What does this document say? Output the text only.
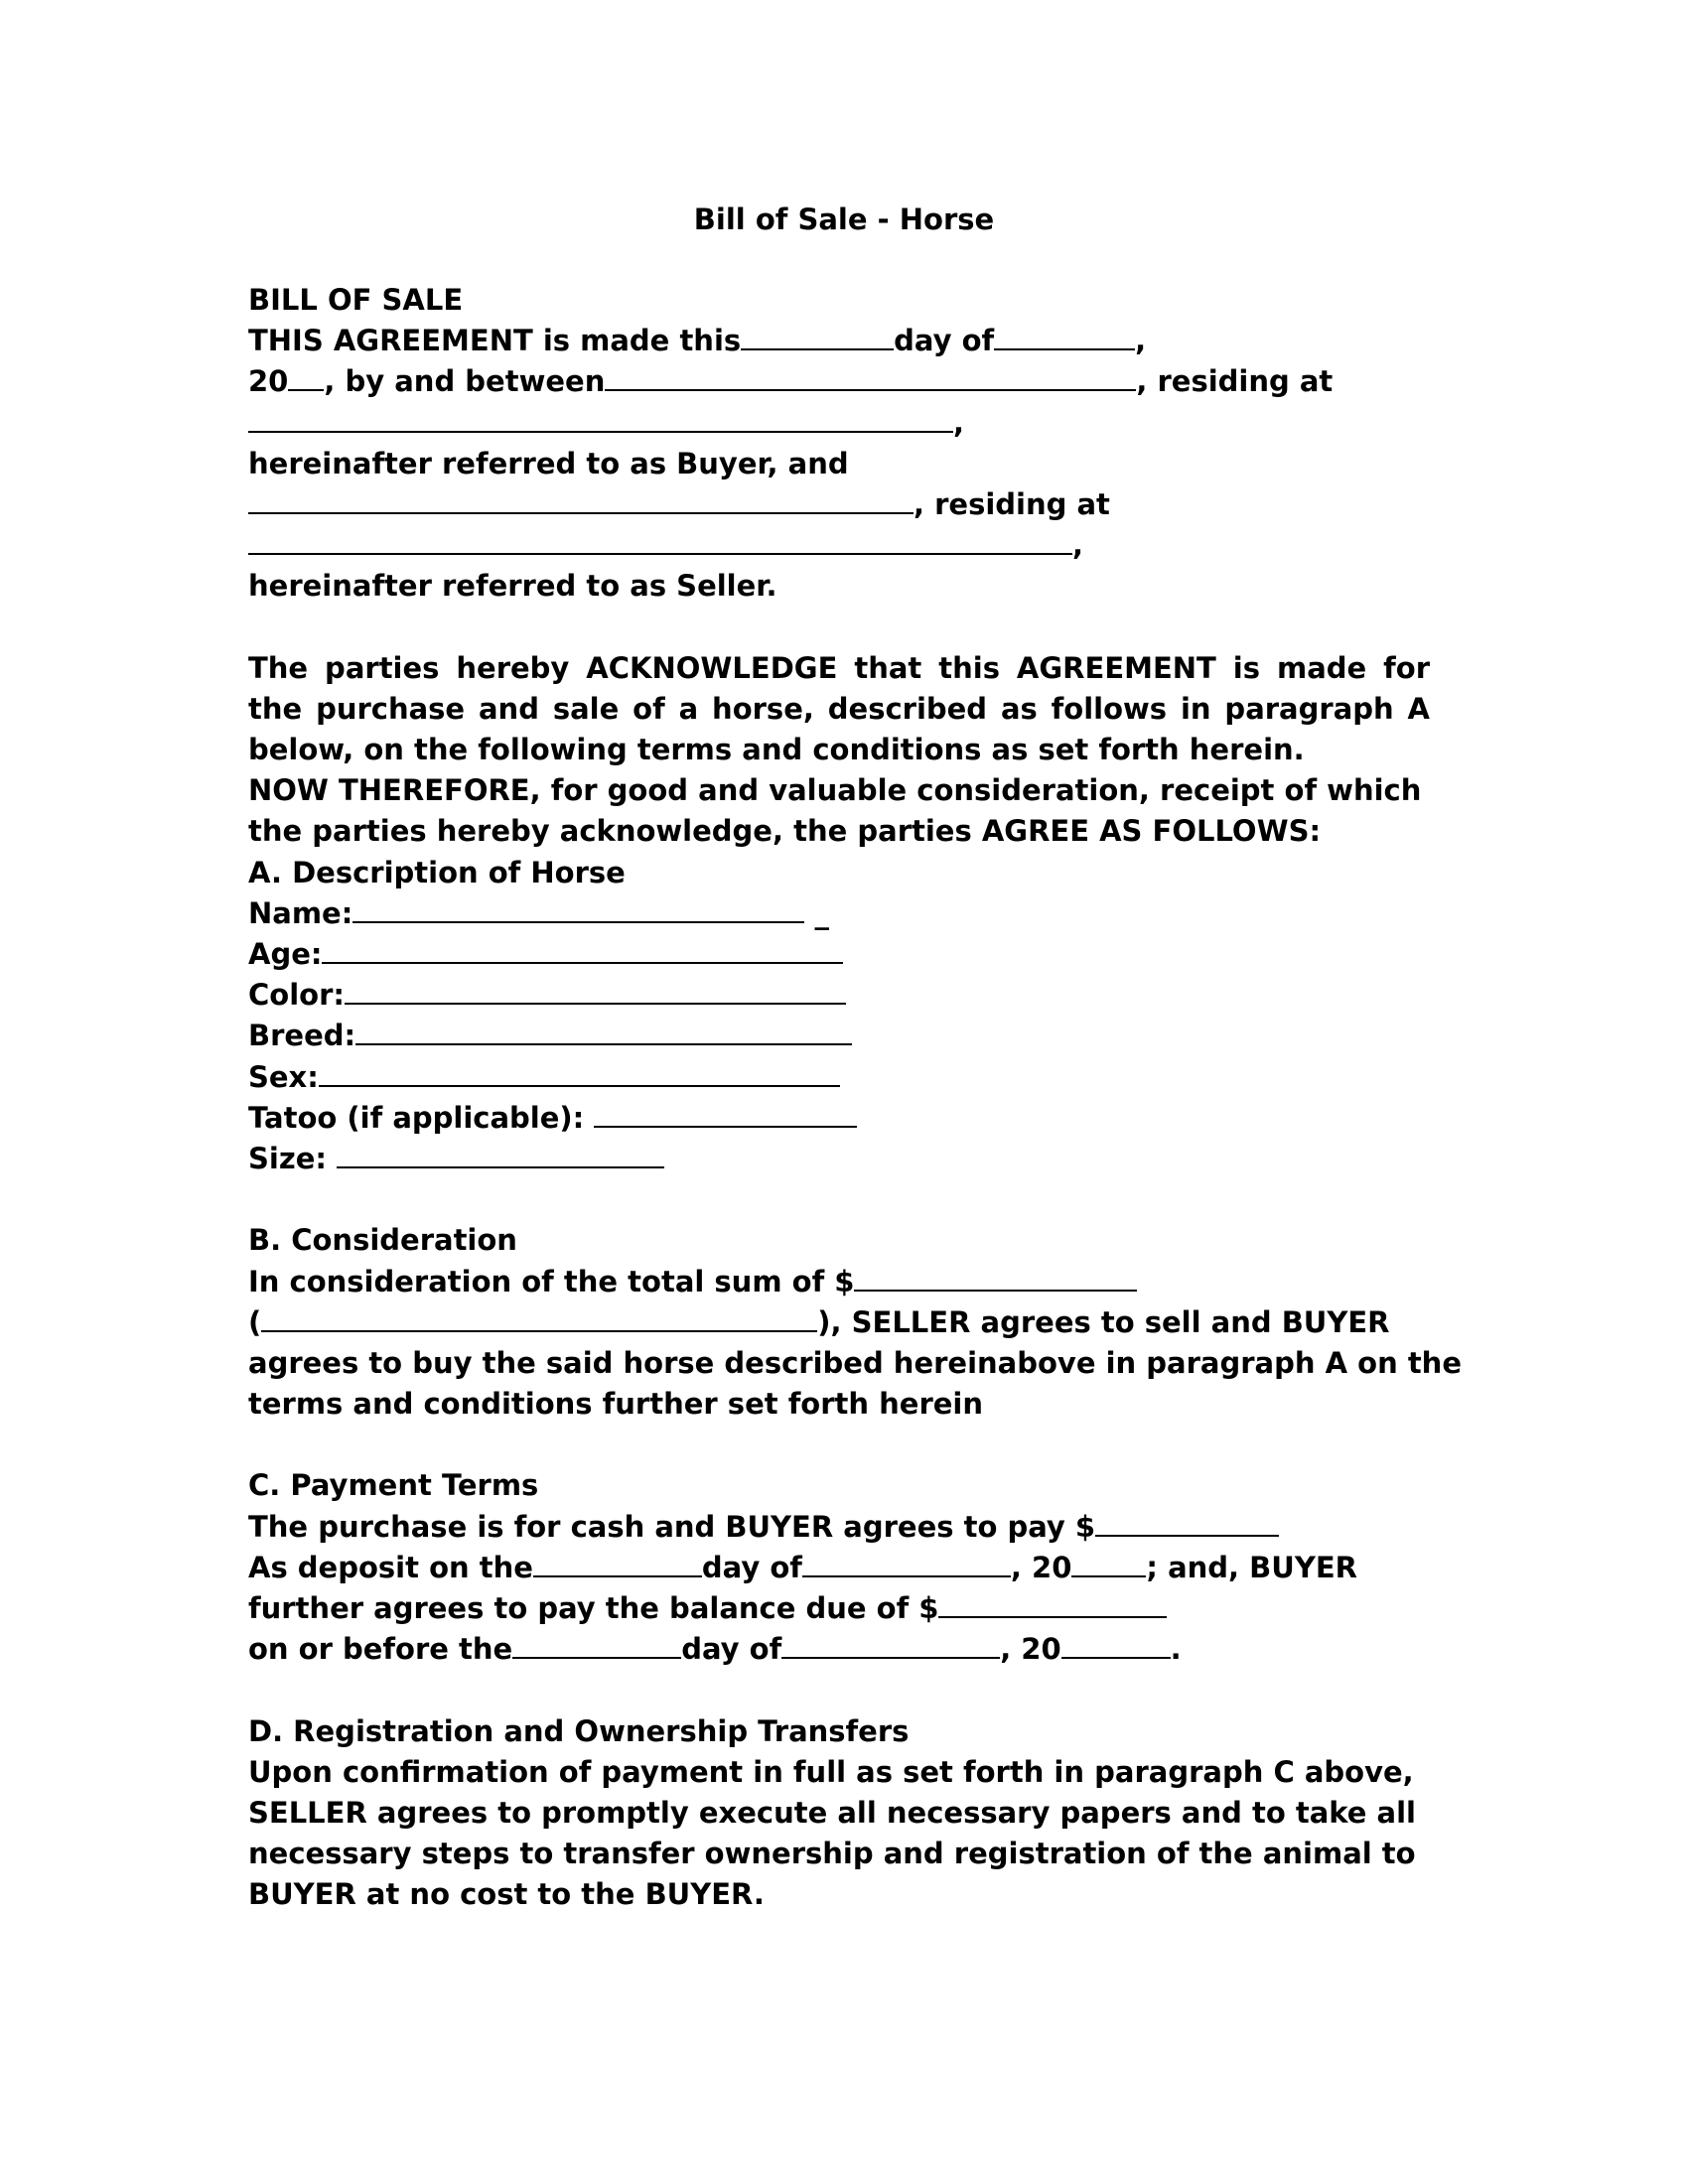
Bill of Sale - Horse
BILL OF SALE
THIS AGREEMENT is made this	day of	,
20 , by and between	, residing at
,
hereinafter referred to as Buyer, and
, residing at
,
hereinafter referred to as Seller.
The parties hereby ACKNOWLEDGE that this AGREEMENT is made for
the purchase and sale of a horse, described as follows in paragraph A
below, on the following terms and conditions as set forth herein.
NOW THEREFORE, for good and valuable consideration, receipt of which
the parties hereby acknowledge, the parties AGREE AS FOLLOWS:
A. Description of Horse
Name:	_
Age:
Color:
Breed:
Sex:
Tatoo (if applicable):
Size:
B. Consideration
In consideration of the total sum of $
(	), SELLER agrees to sell and BUYER
agrees to buy the said horse described hereinabove in paragraph A on the
terms and conditions further set forth herein
C. Payment Terms
The purchase is for cash and BUYER agrees to pay $
As deposit on the	day of	, 20	; and, BUYER
further agrees to pay the balance due of $
on or before the	day of	, 20	.
D. Registration and Ownership Transfers
Upon confirmation of payment in full as set forth in paragraph C above,
SELLER agrees to promptly execute all necessary papers and to take all
necessary steps to transfer ownership and registration of the animal to
BUYER at no cost to the BUYER.
